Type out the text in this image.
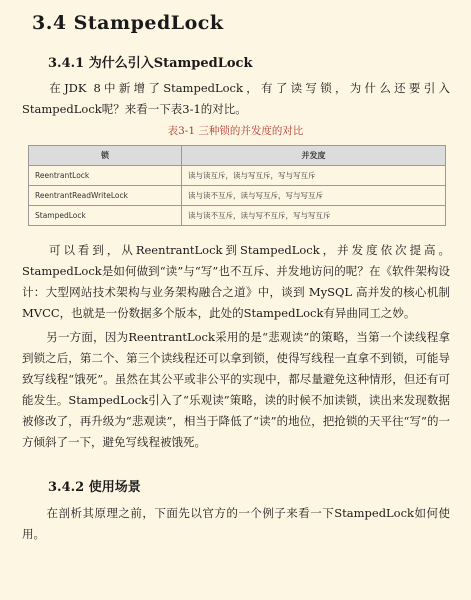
3.4 StampedLock
3.4.1 为什么引入StampedLock

在JDK 8中新增了StampedLock，有了读写锁，为什么还要引入StampedLock呢？来看一下表3-1的对比。

表3-1 三种锁的并发度的对比
锁	并发度
ReentrantLock	读与读互斥，读与写互斥，写与写互斥
ReentrantReadWriteLock	读与读不互斥，读与写互斥，写与写互斥
StampedLock	读与读不互斥，读与写不互斥，写与写互斥

可以看到，从ReentrantLock到StampedLock，并发度依次提高。StampedLock是如何做到“读”与“写”也不互斥、并发地访问的呢？在《软件架构设计：大型网站技术架构与业务架构融合之道》中，谈到 MySQL 高并发的核心机制 MVCC，也就是一份数据多个版本，此处的StampedLock有异曲同工之妙。

另一方面，因为ReentrantLock采用的是“悲观读”的策略，当第一个读线程拿到锁之后，第二个、第三个读线程还可以拿到锁，使得写线程一直拿不到锁，可能导致写线程“饿死”。虽然在其公平或非公平的实现中，都尽量避免这种情形，但还有可能发生。StampedLock引入了“乐观读”策略，读的时候不加读锁，读出来发现数据被修改了，再升级为“悲观读”，相当于降低了“读”的地位，把抢锁的天平往“写”的一方倾斜了一下，避免写线程被饿死。

3.4.2 使用场景

在剖析其原理之前，下面先以官方的一个例子来看一下StampedLock如何使用。
